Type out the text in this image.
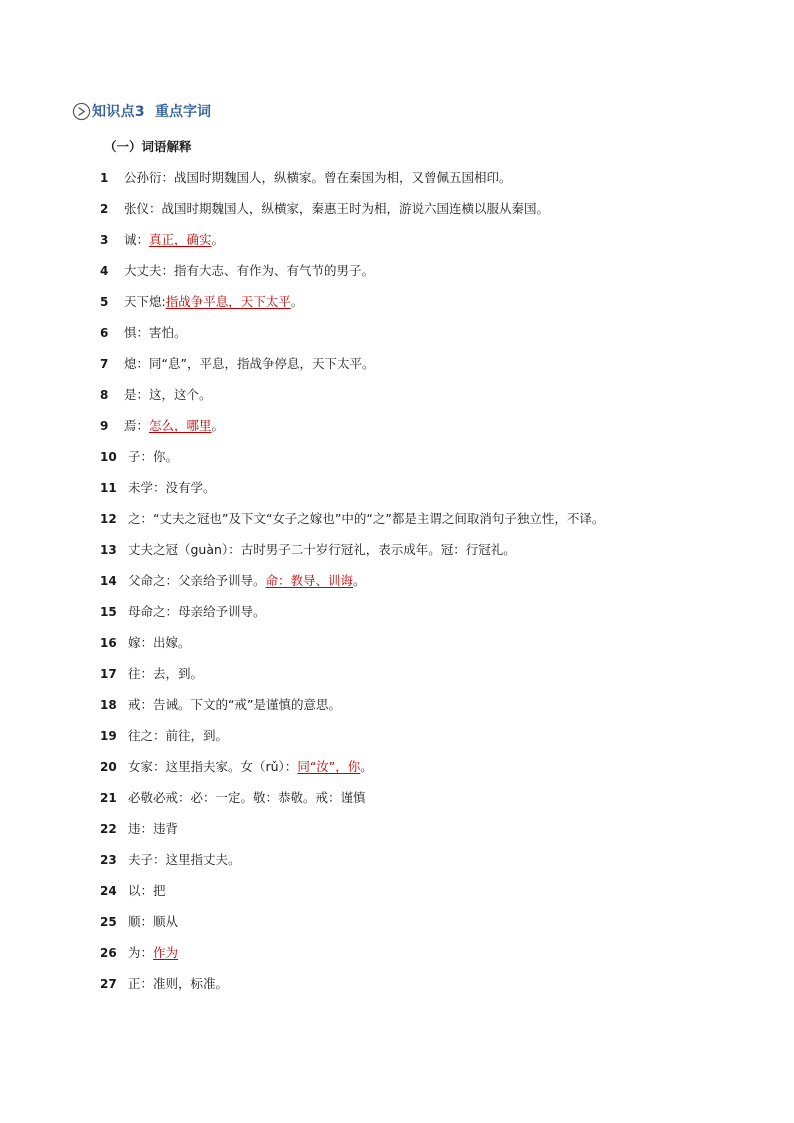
知识点3 重点字词
（一）词语解释
1	公孙衍：战国时期魏国人，纵横家。曾在秦国为相，又曾佩五国相印。
2	张仪：战国时期魏国人，纵横家，秦惠王时为相，游说六国连横以服从秦国。
3	诚：真正，确实。
4	大丈夫：指有大志、有作为、有气节的男子。
5	天下熄:指战争平息，天下太平。
6	惧：害怕。
7	熄：同“息”，平息，指战争停息，天下太平。
8	是：这，这个。
9	焉：怎么，哪里。
10 子：你。
11 未学：没有学。
12 之：“丈夫之冠也”及下文“女子之嫁也”中的“之”都是主谓之间取消句子独立性，不译。
13 丈夫之冠（guàn）：古时男子二十岁行冠礼，表示成年。冠：行冠礼。
14 父命之：父亲给予训导。命：教导、训诲。
15 母命之：母亲给予训导。
16 嫁：出嫁。
17 往：去，到。
18 戒：告诫。下文的“戒”是谨慎的意思。
19 往之：前往，到。
20 女家：这里指夫家。女（rǔ）：同“汝”，你。
21 必敬必戒：必：一定。敬：恭敬。戒：谨慎
22 违：违背
23 夫子：这里指丈夫。
24 以：把
25 顺：顺从
26 为：作为
27 正：准则，标准。
